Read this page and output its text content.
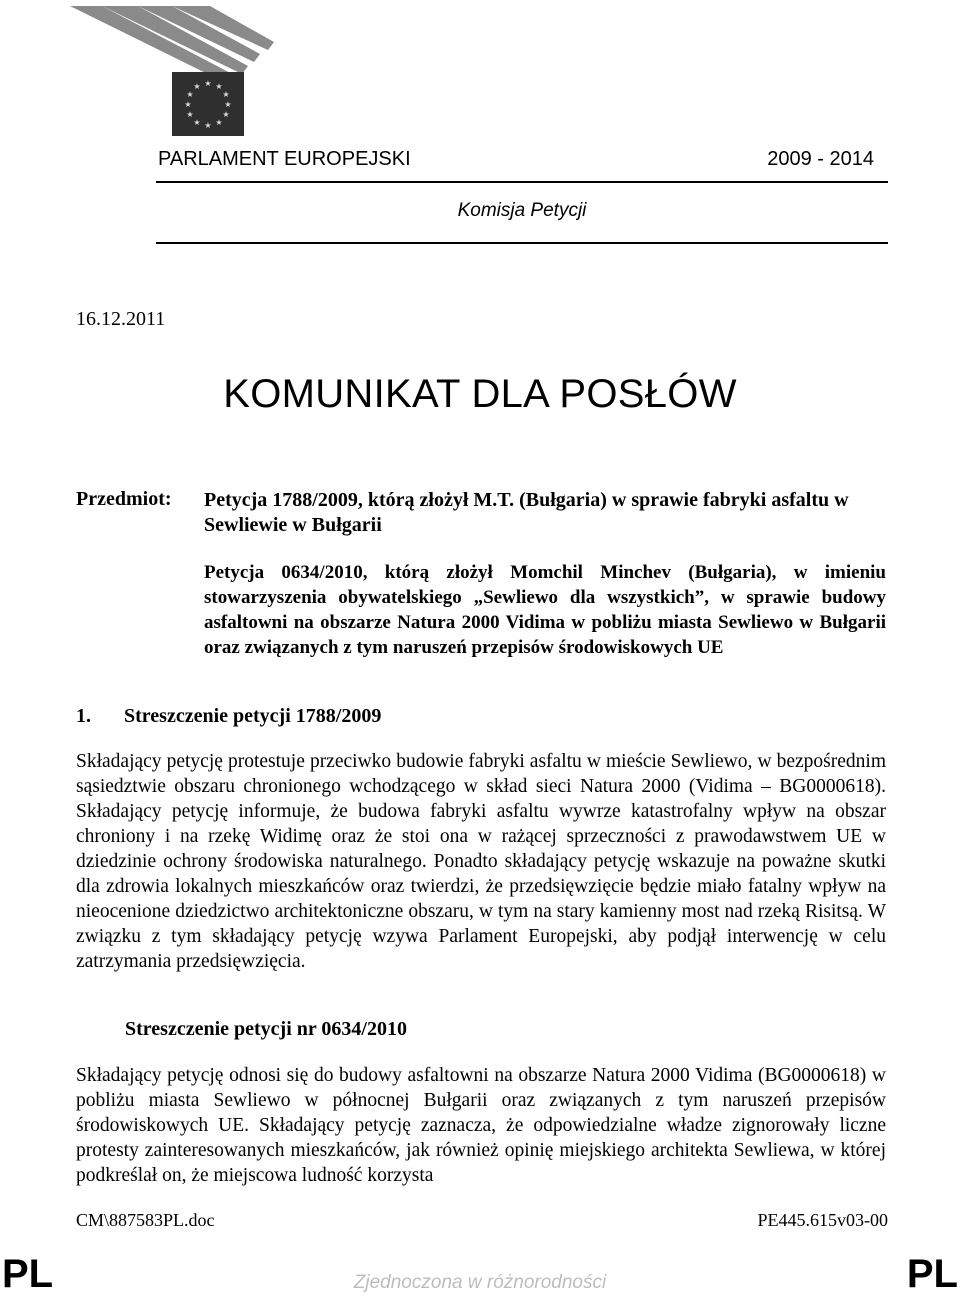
★ ★
★
★
★
★
★
★
★
★
★
★
PARLAMENT EUROPEJSKI	2009 - 2014
Komisja Petycji
16.12.2011
KOMUNIKAT DLA POSŁÓW
Przedmiot: Petycja 1788/2009, którą złożył M.T. (Bułgaria) w sprawie fabryki asfaltu w Sewliewie w Bułgarii
Petycja 0634/2010, którą złożył Momchil Minchev (Bułgaria), w imieniu stowarzyszenia obywatelskiego „Sewliewo dla wszystkich”, w sprawie budowy asfaltowni na obszarze Natura 2000 Vidima w pobliżu miasta Sewliewo w Bułgarii oraz związanych z tym naruszeń przepisów środowiskowych UE
1. Streszczenie petycji 1788/2009
Składający petycję protestuje przeciwko budowie fabryki asfaltu w mieście Sewliewo, w bezpośrednim sąsiedztwie obszaru chronionego wchodzącego w skład sieci Natura 2000 (Vidima – BG0000618). Składający petycję informuje, że budowa fabryki asfaltu wywrze katastrofalny wpływ na obszar chroniony i na rzekę Widimę oraz że stoi ona w rażącej sprzeczności z prawodawstwem UE w dziedzinie ochrony środowiska naturalnego. Ponadto składający petycję wskazuje na poważne skutki dla zdrowia lokalnych mieszkańców oraz twierdzi, że przedsięwzięcie będzie miało fatalny wpływ na nieocenione dziedzictwo architektoniczne obszaru, w tym na stary kamienny most nad rzeką Risitsą. W związku z tym składający petycję wzywa Parlament Europejski, aby podjął interwencję w celu zatrzymania przedsięwzięcia.
Streszczenie petycji nr 0634/2010
Składający petycję odnosi się do budowy asfaltowni na obszarze Natura 2000 Vidima (BG0000618) w pobliżu miasta Sewliewo w północnej Bułgarii oraz związanych z tym naruszeń przepisów środowiskowych UE. Składający petycję zaznacza, że odpowiedzialne władze zignorowały liczne protesty zainteresowanych mieszkańców, jak również opinię miejskiego architekta Sewliewa, w której podkreślał on, że miejscowa ludność korzysta
CM\887583PL.doc	PE445.615v03-00
PL	Zjednoczona w różnorodności	PL
